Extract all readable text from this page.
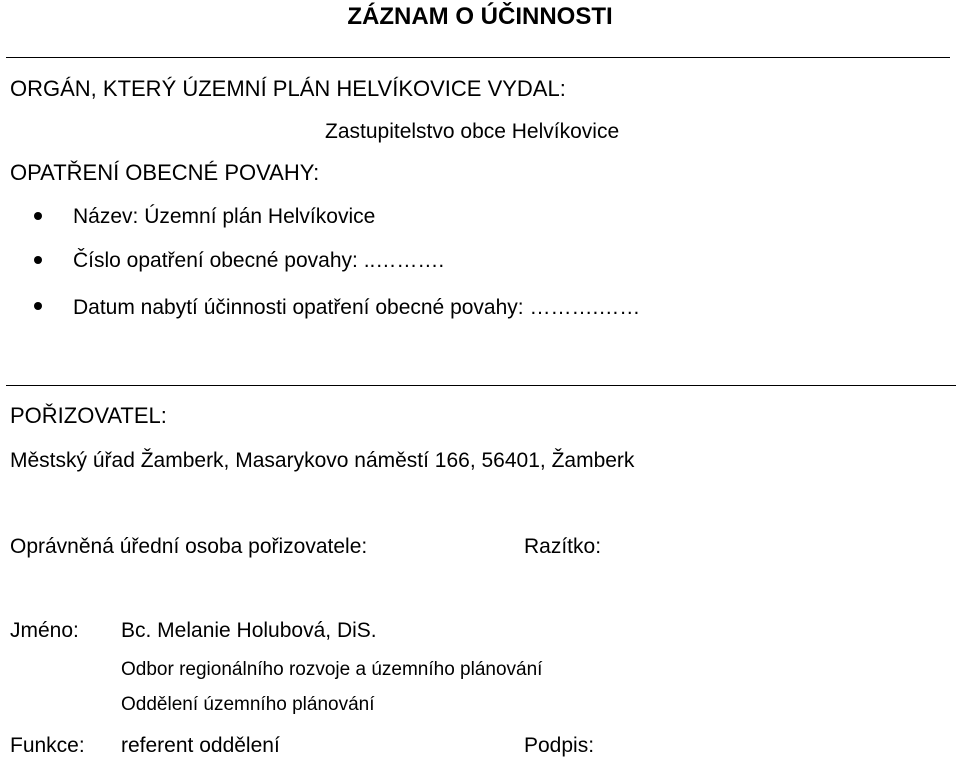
ZÁZNAM O ÚČINNOSTI
ORGÁN, KTERÝ ÚZEMNÍ PLÁN HELVÍKOVICE VYDAL:
Zastupitelstvo obce Helvíkovice
OPATŘENÍ OBECNÉ POVAHY:
Název: Územní plán Helvíkovice
Číslo opatření obecné povahy: ..……….
Datum nabytí účinnosti opatření obecné povahy: ……….……
POŘIZOVATEL:
Městský úřad Žamberk, Masarykovo náměstí 166, 56401, Žamberk
Oprávněná úřední osoba pořizovatele:	Razítko:
Jméno: Bc. Melanie Holubová, DiS.
Odbor regionálního rozvoje a územního plánování
Oddělení územního plánování
Funkce: referent oddělení	Podpis:
